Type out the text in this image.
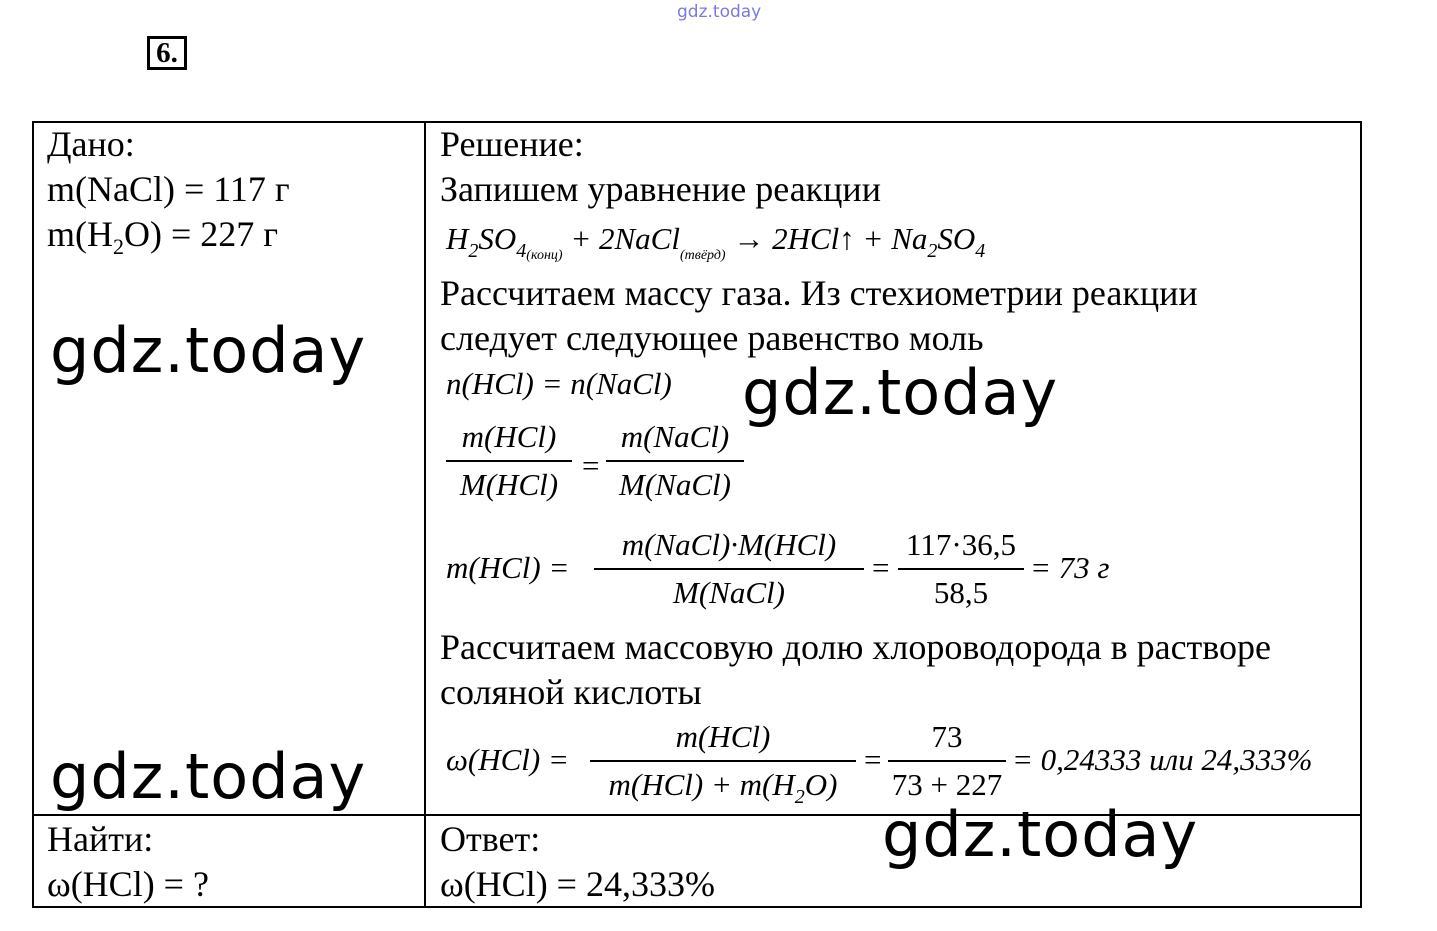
gdz.today
6.
Дано:
m(NaCl) = 117 г
$m(H_2O) = 227$ г
gdz.today
gdz.today
Найти:
ω(HCl) = ?
Решение:
Запишем уравнение реакции
$H_2SO_{4(конц)}$ + 2NaCl$_{(твёрд)}$ → 2HCl↑ + $Na_2SO_4$
Рассчитаем массу газа. Из стехиометрии реакции
следует следующее равенство моль
n(HCl) = n(NaCl) gdz.today
m(HCl)
M(HCl)
=
m(NaCl)
M(NaCl)
m(HCl) =
m(NaCl)·M(HCl)
M(NaCl)
=
117·36,5
58,5
= 73 г
Рассчитаем массовую долю хлороводорода в растворе
соляной кислоты
ω(HCl) =
m(HCl)
$m(HCl) + m(H_2O)$
=
73
73 + 227
= 0,24333 или 24,333%
Ответ:
ω(HCl) = 24,333%
gdz.today
